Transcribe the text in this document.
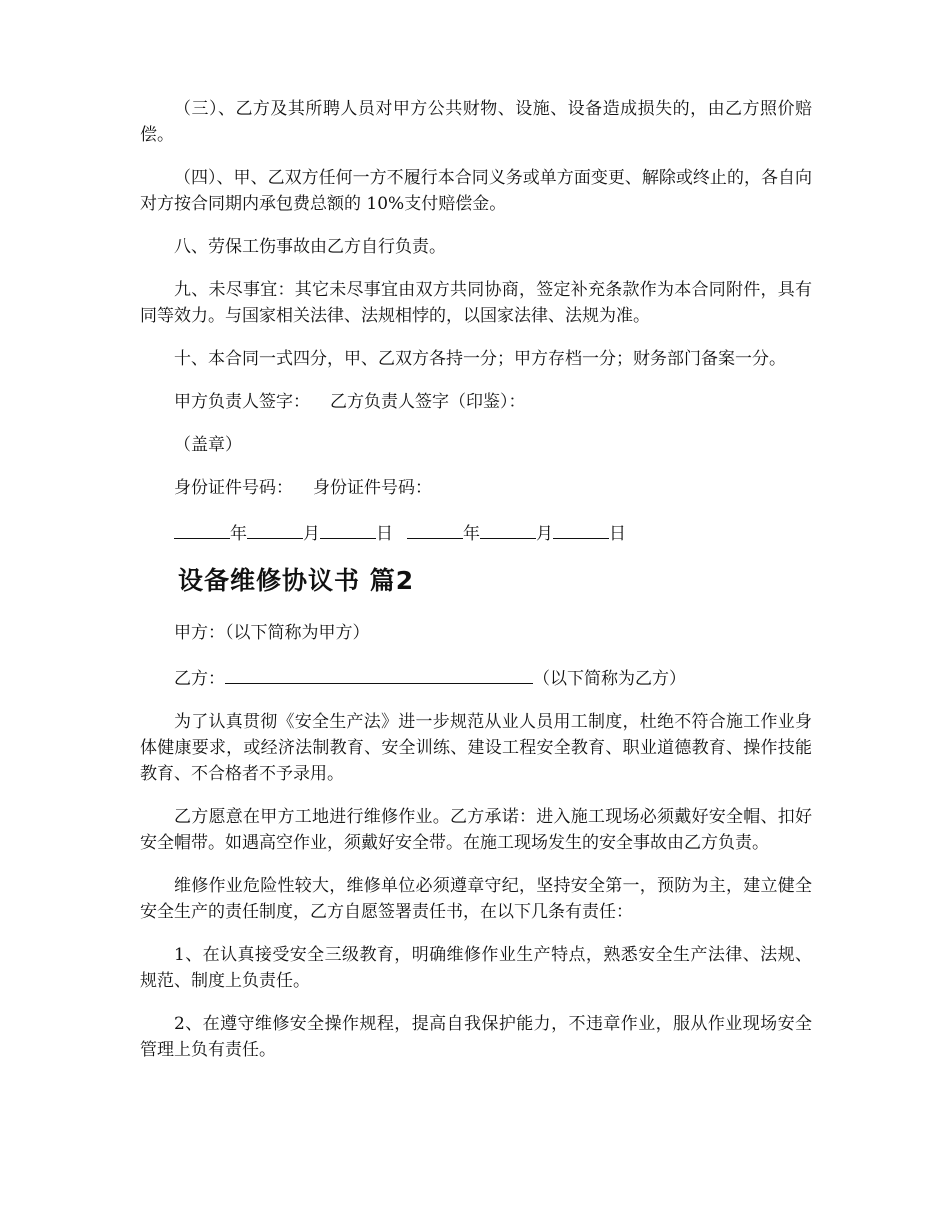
（三）、乙方及其所聘人员对甲方公共财物、设施、设备造成损失的，由乙方照价赔偿。

（四）、甲、乙双方任何一方不履行本合同义务或单方面变更、解除或终止的，各自向对方按合同期内承包费总额的 10%支付赔偿金。

八、劳保工伤事故由乙方自行负责。

九、未尽事宜：其它未尽事宜由双方共同协商，签定补充条款作为本合同附件，具有同等效力。与国家相关法律、法规相悖的，以国家法律、法规为准。

十、本合同一式四分，甲、乙双方各持一分；甲方存档一分；财务部门备案一分。

甲方负责人签字： 乙方负责人签字（印鉴）：

（盖章）

身份证件号码： 身份证件号码：

年	月	日	年	月	日

设备维修协议书 篇2

甲方：（以下简称为甲方）

乙方：	（以下简称为乙方）

为了认真贯彻《安全生产法》进一步规范从业人员用工制度，杜绝不符合施工作业身体健康要求，或经济法制教育、安全训练、建设工程安全教育、职业道德教育、操作技能教育、不合格者不予录用。

乙方愿意在甲方工地进行维修作业。乙方承诺：进入施工现场必须戴好安全帽、扣好安全帽带。如遇高空作业，须戴好安全带。在施工现场发生的安全事故由乙方负责。

维修作业危险性较大，维修单位必须遵章守纪，坚持安全第一，预防为主，建立健全安全生产的责任制度，乙方自愿签署责任书，在以下几条有责任：

1、在认真接受安全三级教育，明确维修作业生产特点，熟悉安全生产法律、法规、规范、制度上负责任。

2、在遵守维修安全操作规程，提高自我保护能力，不违章作业，服从作业现场安全管理上负有责任。
